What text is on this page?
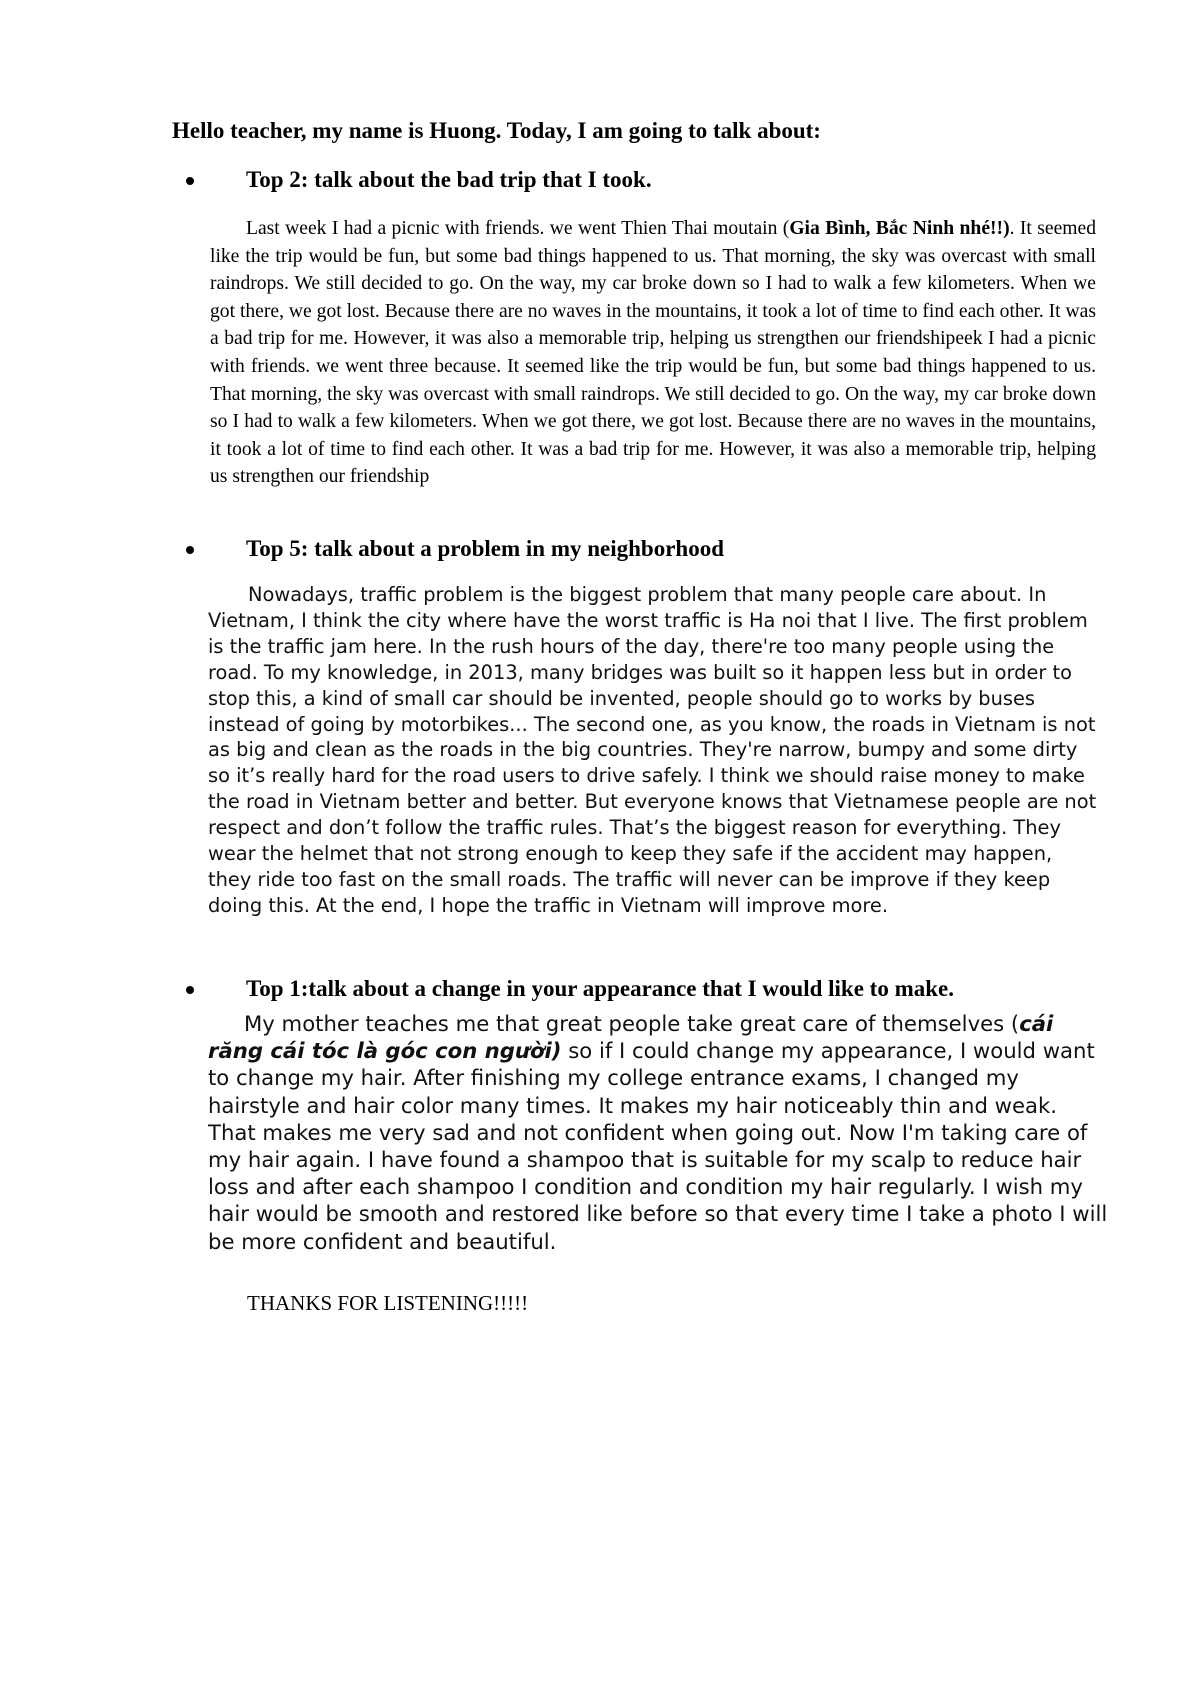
Hello teacher, my name is Huong. Today, I am going to talk about:

Top 2: talk about the bad trip that I took.

Last week I had a picnic with friends. we went Thien Thai moutain (Gia Bình, Bắc Ninh nhé!!). It seemed like the trip would be fun, but some bad things happened to us. That morning, the sky was overcast with small raindrops. We still decided to go. On the way, my car broke down so I had to walk a few kilometers. When we got there, we got lost. Because there are no waves in the mountains, it took a lot of time to find each other. It was a bad trip for me. However, it was also a memorable trip, helping us strengthen our friendshipeek I had a picnic with friends. we went three because. It seemed like the trip would be fun, but some bad things happened to us. That morning, the sky was overcast with small raindrops. We still decided to go. On the way, my car broke down so I had to walk a few kilometers. When we got there, we got lost. Because there are no waves in the mountains, it took a lot of time to find each other. It was a bad trip for me. However, it was also a memorable trip, helping us strengthen our friendship

Top 5: talk about a problem in my neighborhood

Nowadays, traffic problem is the biggest problem that many people care about. In Vietnam, I think the city where have the worst traffic is Ha noi that I live. The first problem is the traffic jam here. In the rush hours of the day, there're too many people using the road. To my knowledge, in 2013, many bridges was built so it happen less but in order to stop this, a kind of small car should be invented, people should go to works by buses instead of going by motorbikes... The second one, as you know, the roads in Vietnam is not as big and clean as the roads in the big countries. They're narrow, bumpy and some dirty so it’s really hard for the road users to drive safely. I think we should raise money to make the road in Vietnam better and better. But everyone knows that Vietnamese people are not respect and don’t follow the traffic rules. That’s the biggest reason for everything. They wear the helmet that not strong enough to keep they safe if the accident may happen, they ride too fast on the small roads. The traffic will never can be improve if they keep doing this. At the end, I hope the traffic in Vietnam will improve more.

Top 1:talk about a change in your appearance that I would like to make.

My mother teaches me that great people take great care of themselves (cái răng cái tóc là góc con người) so if I could change my appearance, I would want to change my hair. After finishing my college entrance exams, I changed my hairstyle and hair color many times. It makes my hair noticeably thin and weak. That makes me very sad and not confident when going out. Now I'm taking care of my hair again. I have found a shampoo that is suitable for my scalp to reduce hair loss and after each shampoo I condition and condition my hair regularly. I wish my hair would be smooth and restored like before so that every time I take a photo I will be more confident and beautiful.

THANKS FOR LISTENING!!!!!
